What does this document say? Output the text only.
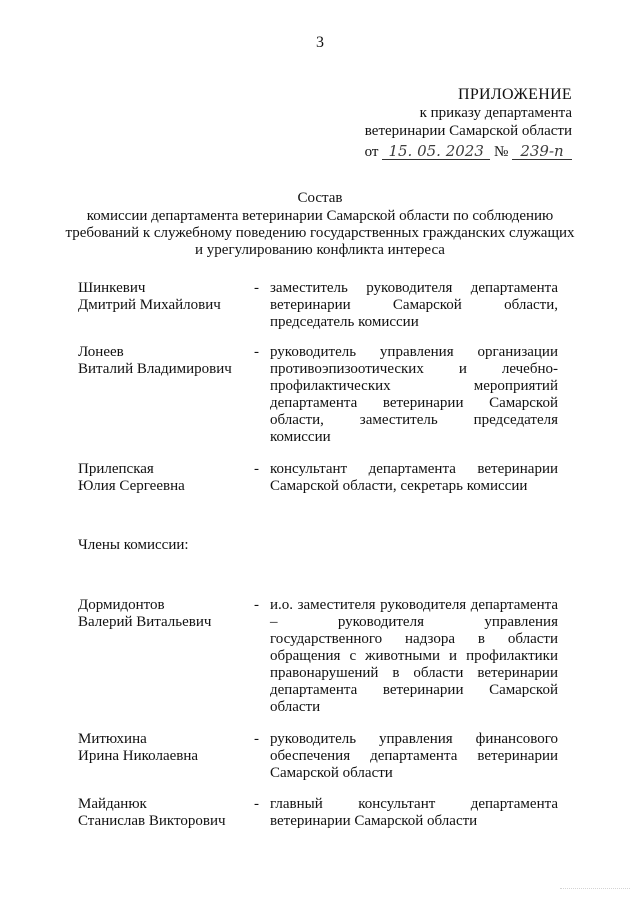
3
ПРИЛОЖЕНИЕ
к приказу департамента
ветеринарии Самарской области
от 15. 05. 2023 № 239-п
Состав
комиссии департамента ветеринарии Самарской области по соблюдению требований к служебному поведению государственных гражданских служащих и урегулированию конфликта интереса
Шинкевич
Дмитрий Михайлович
- заместитель руководителя департамента ветеринарии Самарской области, председатель комиссии
Лонеев
Виталий Владимирович
- руководитель управления организации противоэпизоотических и лечебно-профилактических мероприятий департамента ветеринарии Самарской области, заместитель председателя комиссии
Прилепская
Юлия Сергеевна
- консультант департамента ветеринарии Самарской области, секретарь комиссии
Дормидонтов
Валерий Витальевич
- и.о. заместителя руководителя департамента – руководителя управления государственного надзора в области обращения с животными и профилактики правонарушений в области ветеринарии департамента ветеринарии Самарской области
Митюхина
Ирина Николаевна
- руководитель управления финансового обеспечения департамента ветеринарии Самарской области
Майданюк
Станислав Викторович
- главный консультант департамента ветеринарии Самарской области
Члены комиссии:
